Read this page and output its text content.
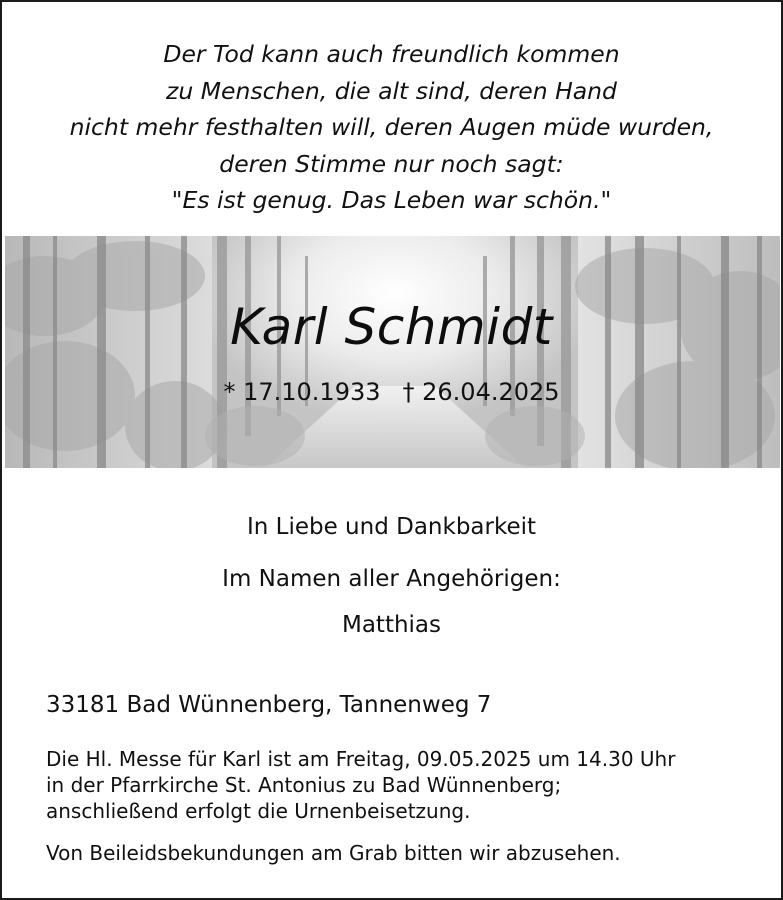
Der Tod kann auch freundlich kommen
zu Menschen, die alt sind, deren Hand
nicht mehr festhalten will, deren Augen müde wurden,
deren Stimme nur noch sagt:
"Es ist genug. Das Leben war schön."
Karl Schmidt
* 17.10.1933 † 26.04.2025
In Liebe und Dankbarkeit
Im Namen aller Angehörigen:
Matthias
33181 Bad Wünnenberg, Tannenweg 7
Die Hl. Messe für Karl ist am Freitag, 09.05.2025 um 14.30 Uhr
in der Pfarrkirche St. Antonius zu Bad Wünnenberg;
anschließend erfolgt die Urnenbeisetzung.
Von Beileidsbekundungen am Grab bitten wir abzusehen.
